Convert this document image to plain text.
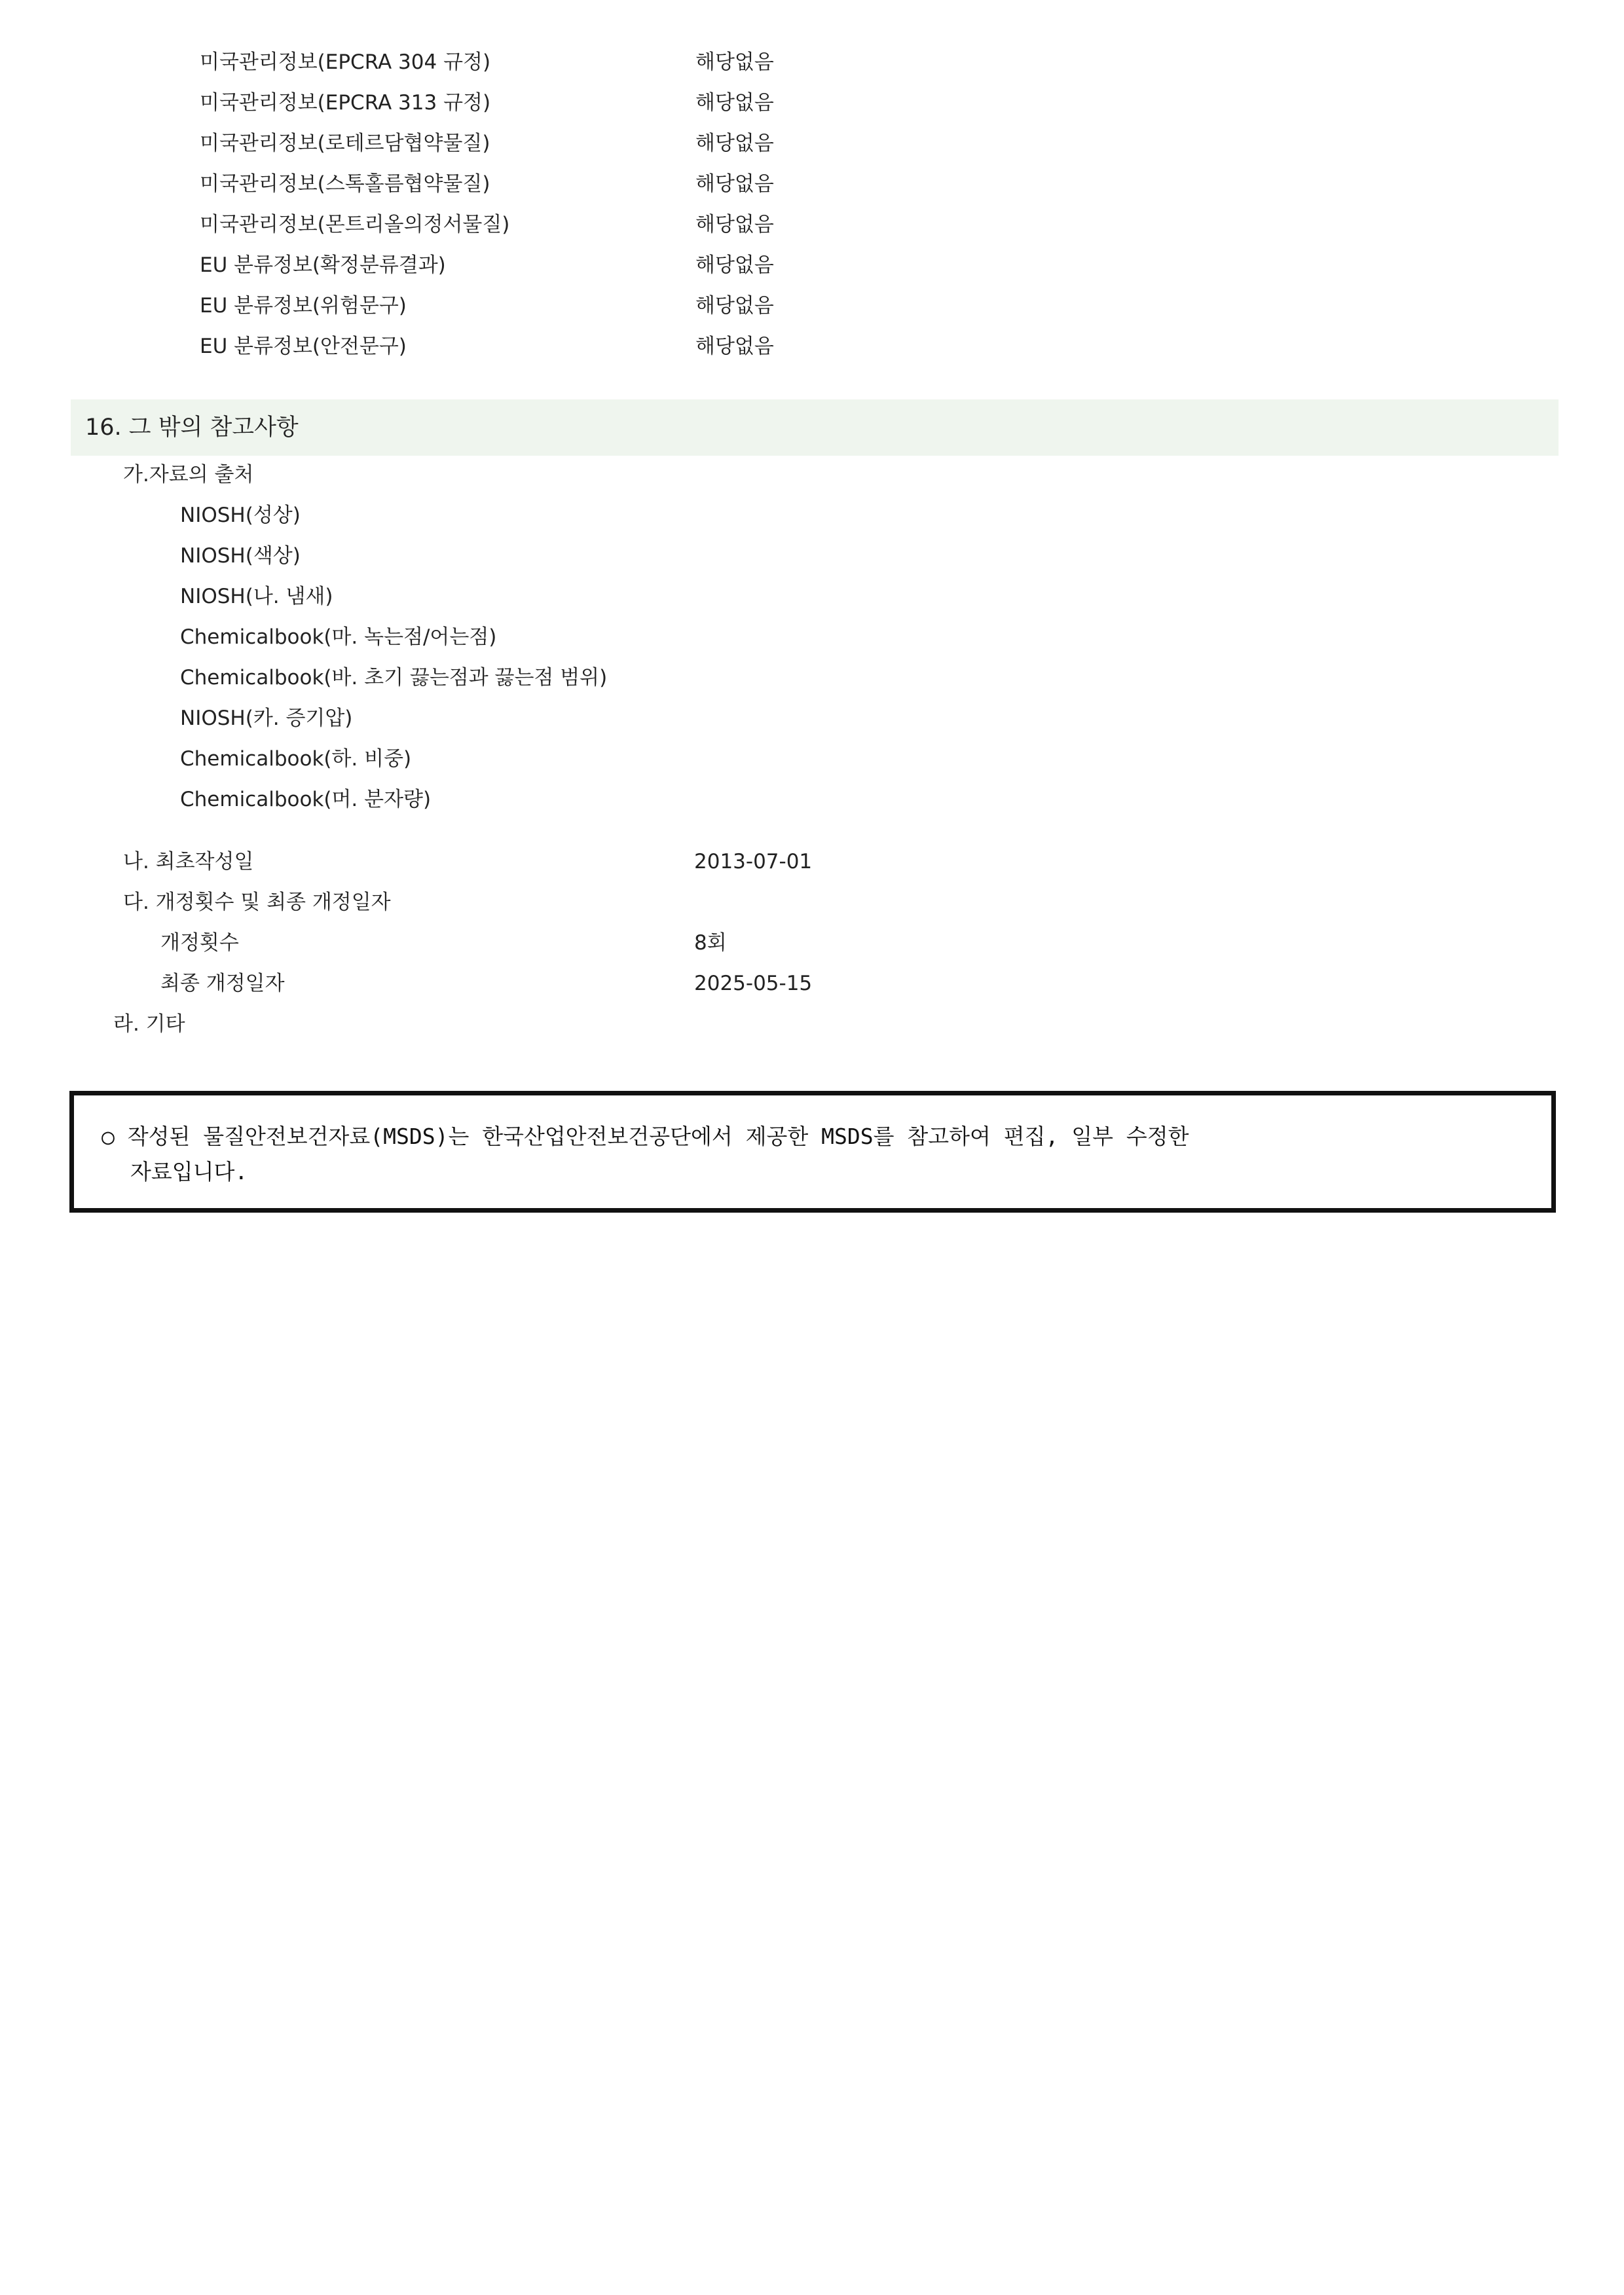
미국관리정보(EPCRA 304 규정)	해당없음
미국관리정보(EPCRA 313 규정)	해당없음
미국관리정보(로테르담협약물질)	해당없음
미국관리정보(스톡홀름협약물질)	해당없음
미국관리정보(몬트리올의정서물질)	해당없음
EU 분류정보(확정분류결과)	해당없음
EU 분류정보(위험문구)	해당없음
EU 분류정보(안전문구)	해당없음
16. 그 밖의 참고사항
가.자료의 출처
NIOSH(성상)
NIOSH(색상)
NIOSH(나. 냄새)
Chemicalbook(마. 녹는점/어는점)
Chemicalbook(바. 초기 끓는점과 끓는점 범위)
NIOSH(카. 증기압)
Chemicalbook(하. 비중)
Chemicalbook(머. 분자량)
나. 최초작성일	2013-07-01
다. 개정횟수 및 최종 개정일자
개정횟수	8회
최종 개정일자	2025-05-15
라. 기타
○ 작성된 물질안전보건자료(MSDS)는 한국산업안전보건공단에서 제공한 MSDS를 참고하여 편집, 일부 수정한
자료입니다.
